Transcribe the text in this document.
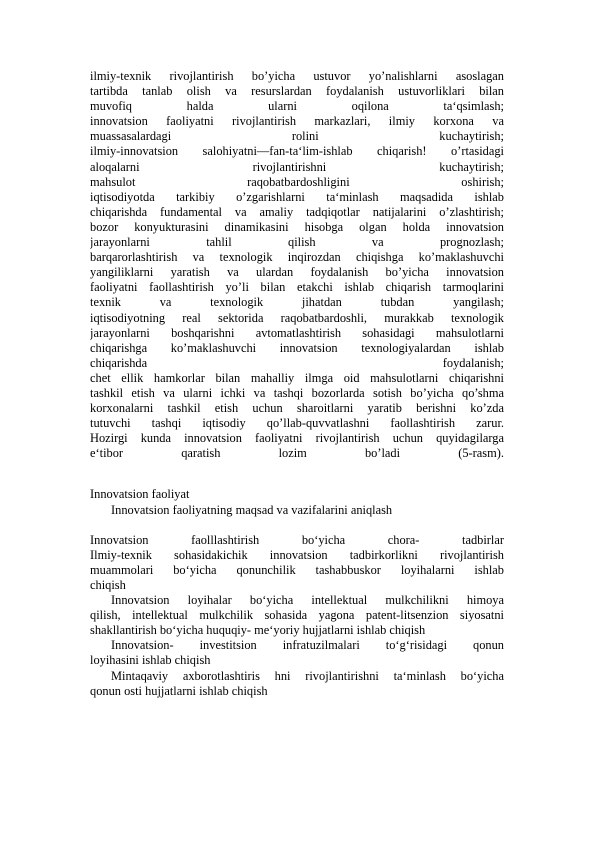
ilmiy-texnik rivojlantirish bo’yicha ustuvor yo’nalishlarni asoslagan
tartibda tanlab olish va resurslardan foydalanish ustuvorliklari bilan
muvofiq halda ularni oqilona ta‘qsimlash;
innovatsion faoliyatni rivojlantirish markazlari, ilmiy korxona va
muassasalardagi rolini kuchaytirish;
ilmiy-innovatsion salohiyatni—fan-ta‘lim-ishlab chiqarish! o’rtasidagi
aloqalarni rivojlantirishni kuchaytirish;
mahsulot raqobatbardoshligini oshirish;
iqtisodiyotda tarkibiy o’zgarishlarni ta‘minlash maqsadida ishlab
chiqarishda fundamental va amaliy tadqiqotlar natijalarini o’zlashtirish;
bozor konyukturasini dinamikasini hisobga olgan holda innovatsion
jarayonlarni tahlil qilish va prognozlash;
barqarorlashtirish va texnologik inqirozdan chiqishga ko’maklashuvchi
yangiliklarni yaratish va ulardan foydalanish bo’yicha innovatsion
faoliyatni faollashtirish yo’li bilan etakchi ishlab chiqarish tarmoqlarini
texnik va texnologik jihatdan tubdan yangilash;
iqtisodiyotning real sektorida raqobatbardoshli, murakkab texnologik
jarayonlarni boshqarishni avtomatlashtirish sohasidagi mahsulotlarni
chiqarishga ko’maklashuvchi innovatsion texnologiyalardan ishlab
chiqarishda foydalanish;
chet ellik hamkorlar bilan mahalliy ilmga oid mahsulotlarni chiqarishni
tashkil etish va ularni ichki va tashqi bozorlarda sotish bo’yicha qo’shma
korxonalarni tashkil etish uchun sharoitlarni yaratib berishni ko’zda
tutuvchi tashqi iqtisodiy qo’llab-quvvatlashni faollashtirish zarur.
Hozirgi kunda innovatsion faoliyatni rivojlantirish uchun quyidagilarga
e‘tibor qaratish lozim bo’ladi (5-rasm).
Innovatsion faoliyat
Innovatsion faoliyatning maqsad va vazifalarini aniqlash
Innovatsion faolllashtirish bo‘yicha chora- tadbirlar
Ilmiy-texnik sohasidakichik innovatsion tadbirkorlikni rivojlantirish
muammolari bo‘yicha qonunchilik tashabbuskor loyihalarni ishlab
chiqish
Innovatsion loyihalar bo‘yicha intellektual mulkchilikni himoya
qilish, intellektual mulkchilik sohasida yagona patent-litsenzion siyosatni
shakllantirish bo‘yicha huquqiy- me‘yoriy hujjatlarni ishlab chiqish
Innovatsion- investitsion infratuzilmalari to‘g‘risidagi qonun
loyihasini ishlab chiqish
Mintaqaviy axborotlashtiris hni rivojlantirishni ta‘minlash bo‘yicha
qonun osti hujjatlarni ishlab chiqish
